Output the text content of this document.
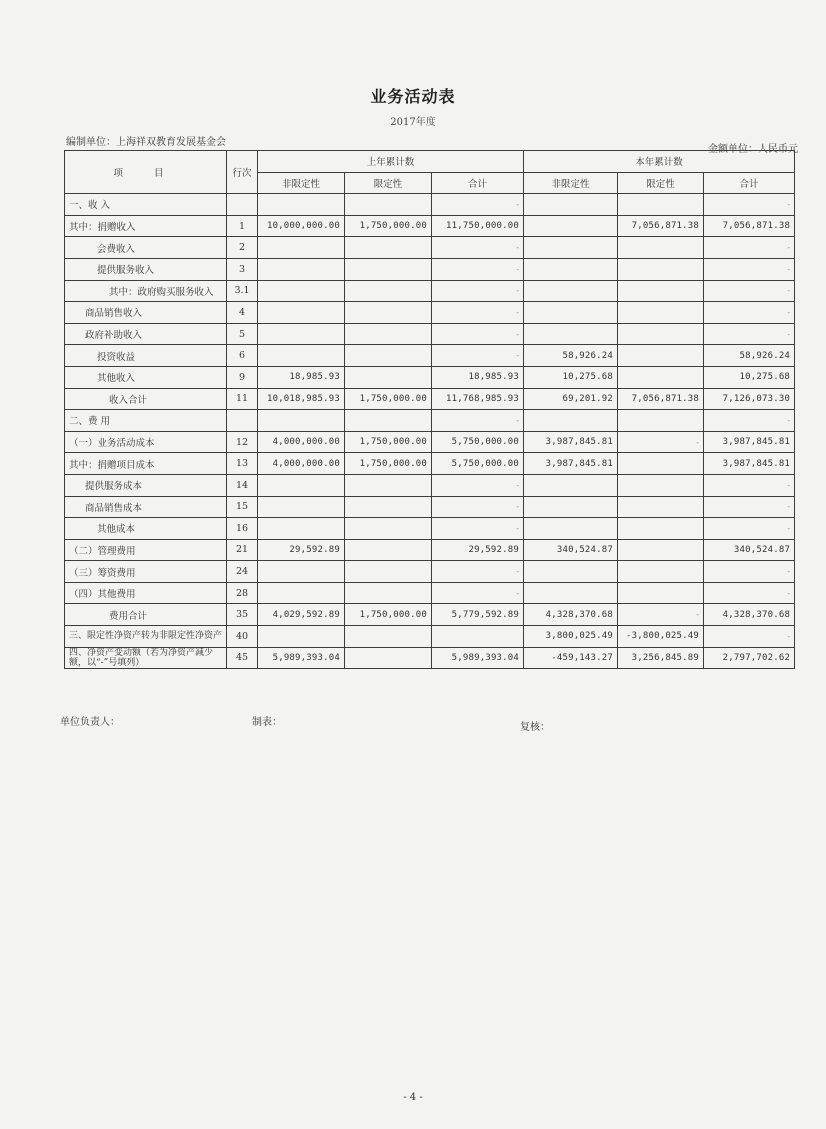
业务活动表
2017年度
编制单位：上海祥双教育发展基金会
金额单位：人民币元
项 目	行次	上年累计数			本年累计数		
		非限定性	限定性	合计	非限定性	限定性	合计
一、收 入				-			-
其中：捐赠收入	1	10,000,000.00	1,750,000.00	11,750,000.00		7,056,871.38	7,056,871.38
会费收入	2			-			-
提供服务收入	3			-			-
其中：政府购买服务收入	3.1			-			-
商品销售收入	4			-			-
政府补助收入	5			-			-
投资收益	6			-	58,926.24		58,926.24
其他收入	9	18,985.93		18,985.93	10,275.68		10,275.68
收入合计	11	10,018,985.93	1,750,000.00	11,768,985.93	69,201.92	7,056,871.38	7,126,073.30
二、费 用				-			-
（一）业务活动成本	12	4,000,000.00	1,750,000.00	5,750,000.00	3,987,845.81	-	3,987,845.81
其中：捐赠项目成本	13	4,000,000.00	1,750,000.00	5,750,000.00	3,987,845.81		3,987,845.81
提供服务成本	14			-			-
商品销售成本	15			-			-
其他成本	16			-			-
（二）管理费用	21	29,592.89		29,592.89	340,524.87		340,524.87
（三）筹资费用	24			-			-
（四）其他费用	28			-			-
费用合计	35	4,029,592.89	1,750,000.00	5,779,592.89	4,328,370.68	-	4,328,370.68
三、限定性净资产转为非限定性净资产	40				3,800,025.49	-3,800,025.49	-
四、净资产变动额（若为净资产减少额，以“-”号填列）	45	5,989,393.04		5,989,393.04	-459,143.27	3,256,845.89	2,797,702.62
单位负责人：	制表：	复核：
- 4 -
